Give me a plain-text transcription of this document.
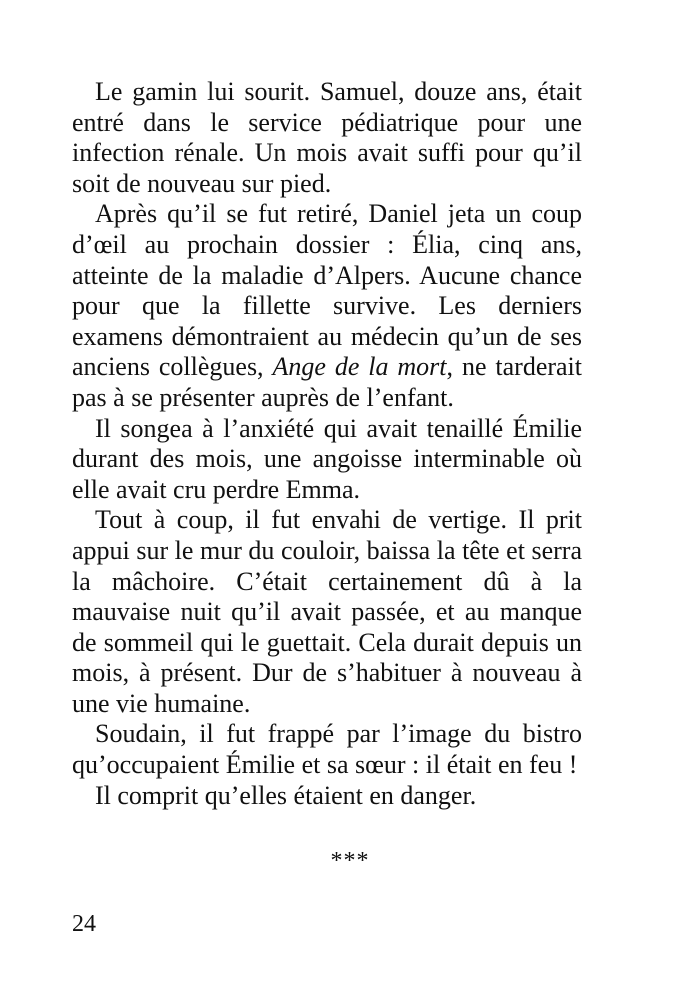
Le gamin lui sourit. Samuel, douze ans, était entré dans le service pédiatrique pour une infection rénale. Un mois avait suffi pour qu’il soit de nouveau sur pied.

Après qu’il se fut retiré, Daniel jeta un coup d’œil au prochain dossier : Élia, cinq ans, atteinte de la maladie d’Alpers. Aucune chance pour que la fillette survive. Les derniers examens démontraient au médecin qu’un de ses anciens collègues, Ange de la mort, ne tarderait pas à se présenter auprès de l’enfant.

Il songea à l’anxiété qui avait tenaillé Émilie durant des mois, une angoisse interminable où elle avait cru perdre Emma.

Tout à coup, il fut envahi de vertige. Il prit appui sur le mur du couloir, baissa la tête et serra la mâchoire. C’était certainement dû à la mauvaise nuit qu’il avait passée, et au manque de sommeil qui le guettait. Cela durait depuis un mois, à présent. Dur de s’habituer à nouveau à une vie humaine.

Soudain, il fut frappé par l’image du bistro qu’occupaient Émilie et sa sœur : il était en feu !

Il comprit qu’elles étaient en danger.

***
24
